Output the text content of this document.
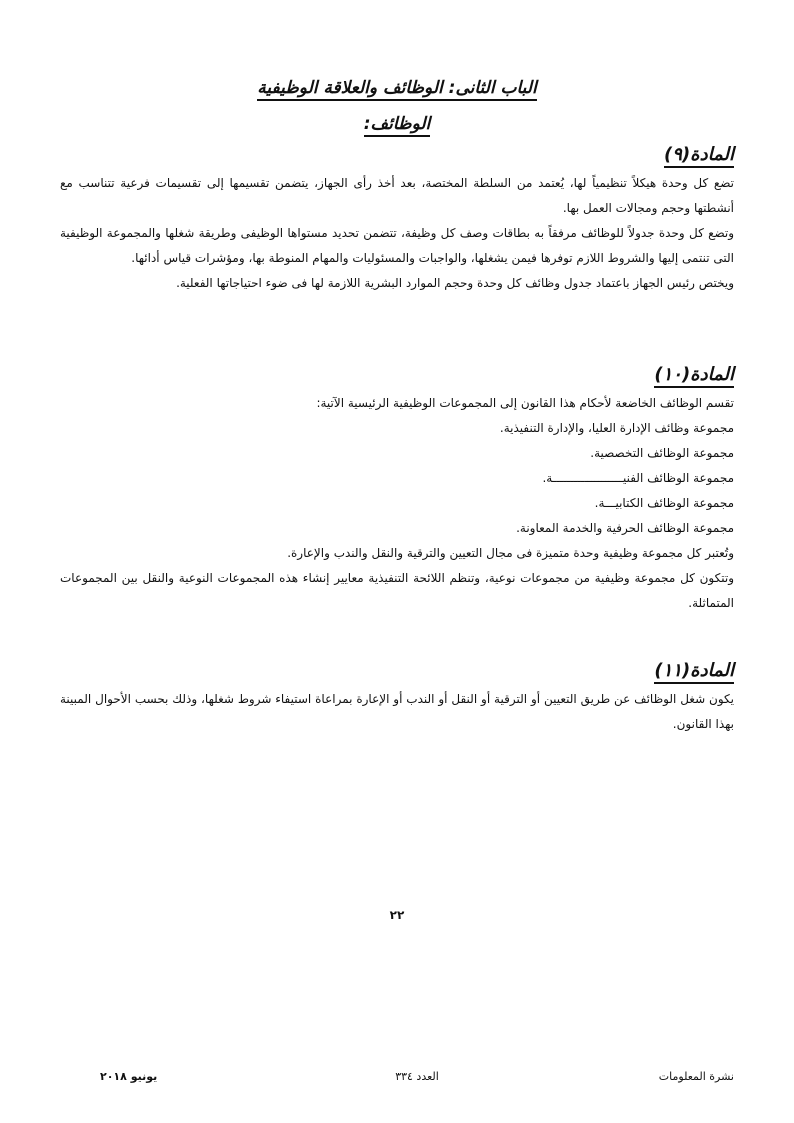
الباب الثانى: الوظائف والعلاقة الوظيفية
الوظائف:
المادة(٩)

تضع كل وحدة هيكلاً تنظيمياً لها، يُعتمد من السلطة المختصة، بعد أخذ رأى الجهاز، يتضمن تقسيمها إلى تقسيمات فرعية تتناسب مع أنشطتها وحجم ومجالات العمل بها.

وتضع كل وحدة جدولاً للوظائف مرفقاً به بطاقات وصف كل وظيفة، تتضمن تحديد مستواها الوظيفى وطريقة شغلها والمجموعة الوظيفية التى تنتمى إليها والشروط اللازم توفرها فيمن يشغلها، والواجبات والمسئوليات والمهام المنوطة بها، ومؤشرات قياس أدائها.

ويختص رئيس الجهاز باعتماد جدول وظائف كل وحدة وحجم الموارد البشرية اللازمة لها فى ضوء احتياجاتها الفعلية.

المادة(١٠)

تقسم الوظائف الخاضعة لأحكام هذا القانون إلى المجموعات الوظيفية الرئيسية الآتية:

مجموعة وظائف الإدارة العليا، والإدارة التنفيذية.

مجموعة الوظائف التخصصية.

مجموعة الوظائف الفنيــــــــــــــــــــة.

مجموعة الوظائف الكتابيـــة.

مجموعة الوظائف الحرفية والخدمة المعاونة.

وتُعتبر كل مجموعة وظيفية وحدة متميزة فى مجال التعيين والترقية والنقل والندب والإعارة.

وتتكون كل مجموعة وظيفية من مجموعات نوعية، وتنظم اللائحة التنفيذية معايير إنشاء هذه المجموعات النوعية والنقل بين المجموعات المتماثلة.

المادة(١١)

يكون شغل الوظائف عن طريق التعيين أو الترقية أو النقل أو الندب أو الإعارة بمراعاة استيفاء شروط شغلها، وذلك بحسب الأحوال المبينة بهذا القانون.

٢٢
نشرة المعلومات
العدد ٣٣٤
يونيو ٢٠١٨
